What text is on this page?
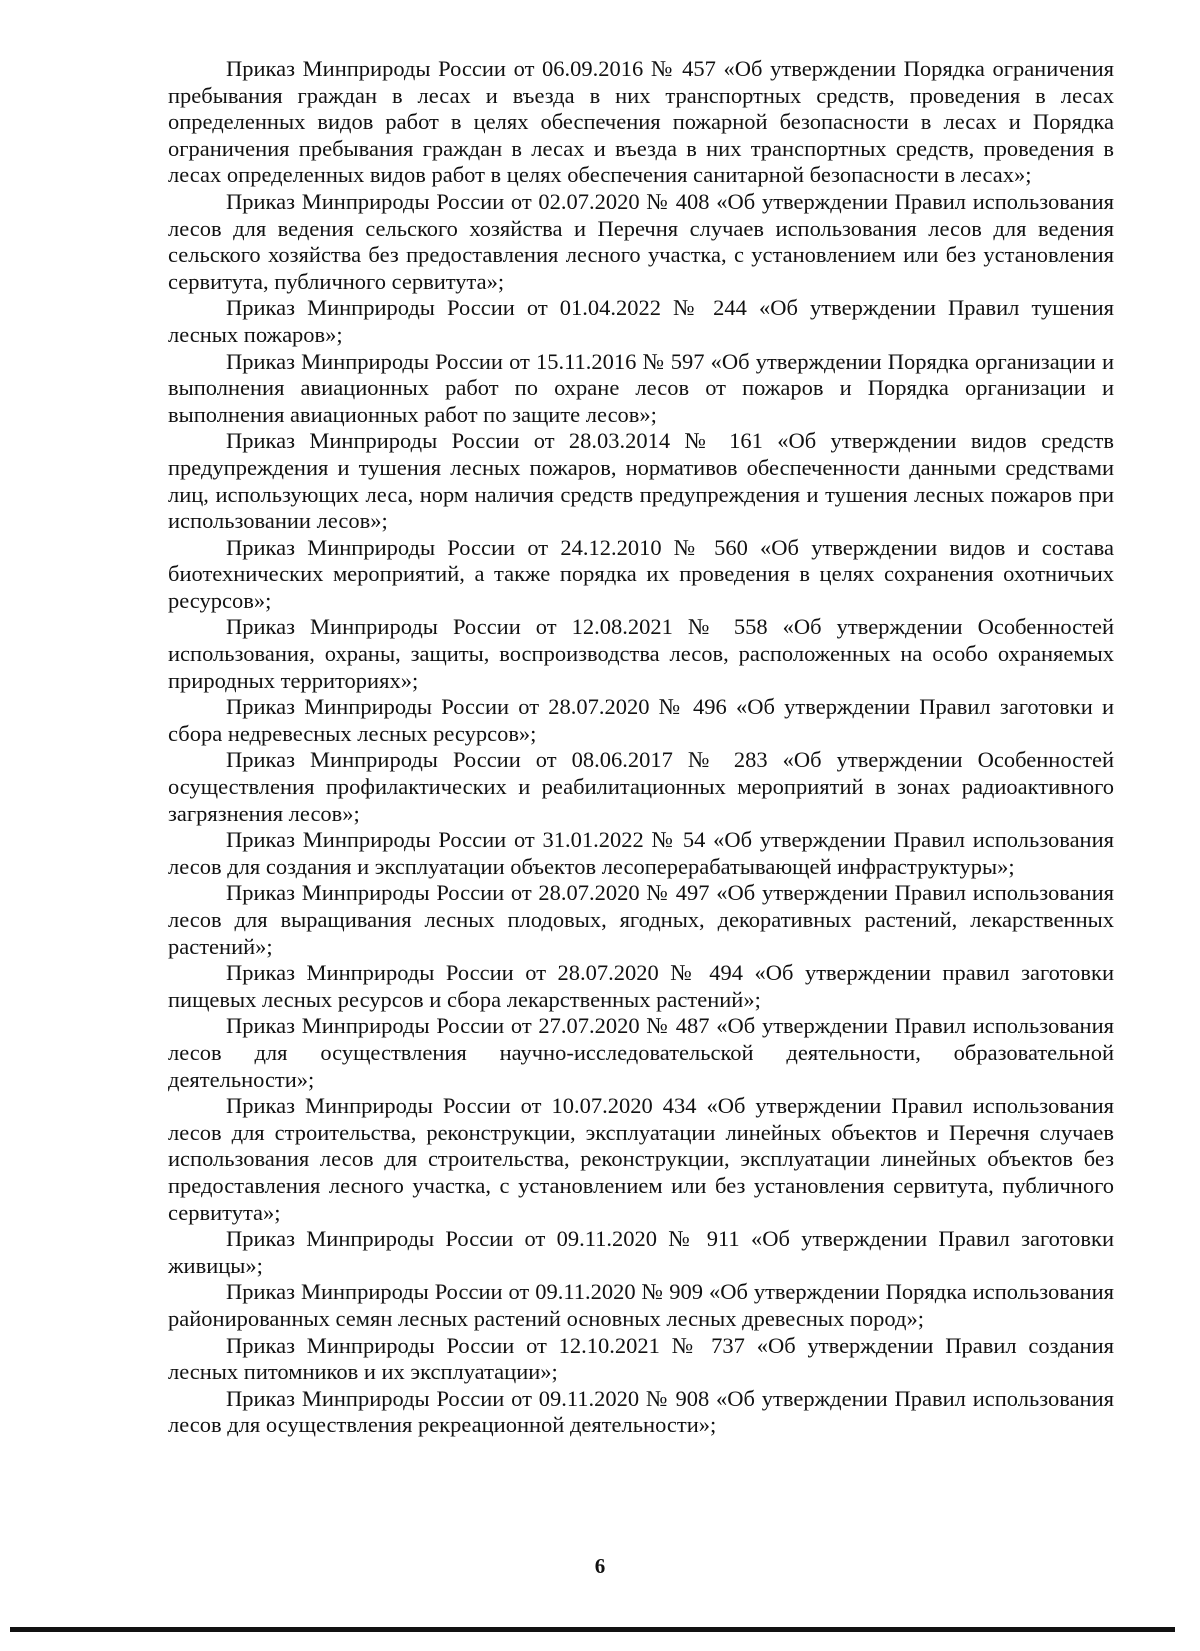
Приказ Минприроды России от 06.09.2016 № 457 «Об утверждении Порядка ограничения пребывания граждан в лесах и въезда в них транспортных средств, проведения в лесах определенных видов работ в целях обеспечения пожарной безопасности в лесах и Порядка ограничения пребывания граждан в лесах и въезда в них транспортных средств, проведения в лесах определенных видов работ в целях обеспечения санитарной безопасности в лесах»;

Приказ Минприроды России от 02.07.2020 № 408 «Об утверждении Правил использования лесов для ведения сельского хозяйства и Перечня случаев использования лесов для ведения сельского хозяйства без предоставления лесного участка, с установлением или без установления сервитута, публичного сервитута»;

Приказ Минприроды России от 01.04.2022 № 244 «Об утверждении Правил тушения лесных пожаров»;

Приказ Минприроды России от 15.11.2016 № 597 «Об утверждении Порядка организации и выполнения авиационных работ по охране лесов от пожаров и Порядка организации и выполнения авиационных работ по защите лесов»;

Приказ Минприроды России от 28.03.2014 № 161 «Об утверждении видов средств предупреждения и тушения лесных пожаров, нормативов обеспеченности данными средствами лиц, использующих леса, норм наличия средств предупреждения и тушения лесных пожаров при использовании лесов»;

Приказ Минприроды России от 24.12.2010 № 560 «Об утверждении видов и состава биотехнических мероприятий, а также порядка их проведения в целях сохранения охотничьих ресурсов»;

Приказ Минприроды России от 12.08.2021 № 558 «Об утверждении Особенностей использования, охраны, защиты, воспроизводства лесов, расположенных на особо охраняемых природных территориях»;

Приказ Минприроды России от 28.07.2020 № 496 «Об утверждении Правил заготовки и сбора недревесных лесных ресурсов»;

Приказ Минприроды России от 08.06.2017 № 283 «Об утверждении Особенностей осуществления профилактических и реабилитационных мероприятий в зонах радиоактивного загрязнения лесов»;

Приказ Минприроды России от 31.01.2022 № 54 «Об утверждении Правил использования лесов для создания и эксплуатации объектов лесоперерабатывающей инфраструктуры»;

Приказ Минприроды России от 28.07.2020 № 497 «Об утверждении Правил использования лесов для выращивания лесных плодовых, ягодных, декоративных растений, лекарственных растений»;

Приказ Минприроды России от 28.07.2020 № 494 «Об утверждении правил заготовки пищевых лесных ресурсов и сбора лекарственных растений»;

Приказ Минприроды России от 27.07.2020 № 487 «Об утверждении Правил использования лесов для осуществления научно-исследовательской деятельности, образовательной деятельности»;

Приказ Минприроды России от 10.07.2020 434 «Об утверждении Правил использования лесов для строительства, реконструкции, эксплуатации линейных объектов и Перечня случаев использования лесов для строительства, реконструкции, эксплуатации линейных объектов без предоставления лесного участка, с установлением или без установления сервитута, публичного сервитута»;

Приказ Минприроды России от 09.11.2020 № 911 «Об утверждении Правил заготовки живицы»;

Приказ Минприроды России от 09.11.2020 № 909 «Об утверждении Порядка использования районированных семян лесных растений основных лесных древесных пород»;

Приказ Минприроды России от 12.10.2021 № 737 «Об утверждении Правил создания лесных питомников и их эксплуатации»;

Приказ Минприроды России от 09.11.2020 № 908 «Об утверждении Правил использования лесов для осуществления рекреационной деятельности»;

6
